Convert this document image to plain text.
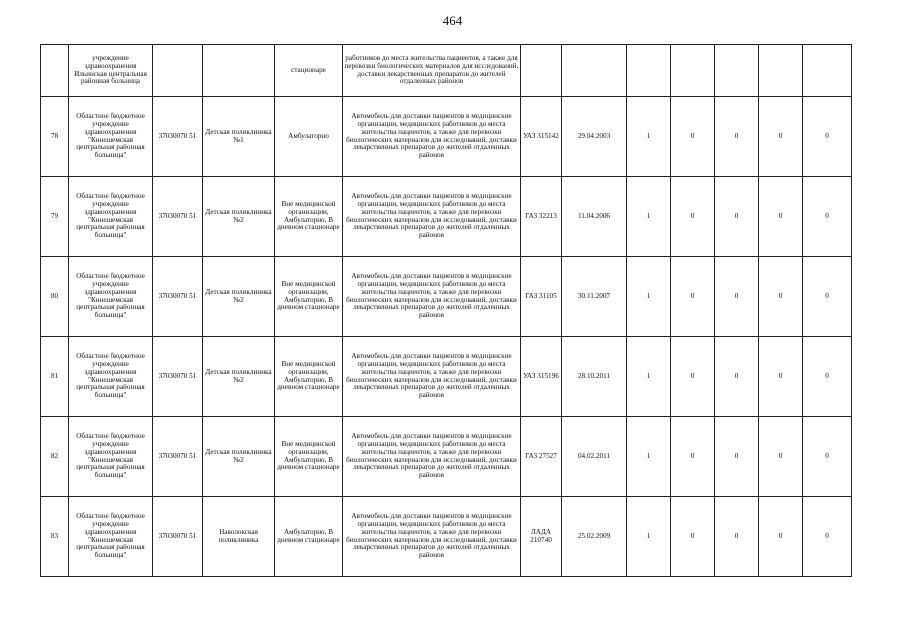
464
	учреждение здравоохранения Ильинская центральная районная больница			стационаре	работников до места жительства пациентов, а также для перевозки биологических материалов для исследований, доставки лекарственных препаратов до жителей отдаленных районов							
78	Областное бюджетное учреждение здравоохранения "Кинешемская центральная районная больница"	37030070 51	Детская поликлиника №1	Амбулаторно	Автомобиль для доставки пациентов в медицинские организации, медицинских работников до места жительства пациентов, а также для перевозки биологических материалов для исследований, доставки лекарственных препаратов до жителей отдаленных районов	УАЗ 315142	29.04.2003	1	0	0	0	0
79	Областное бюджетное учреждение здравоохранения "Кинешемская центральная районная больница"	37030070 51	Детская поликлиника №2	Вне медицинской организации, Амбулаторно, В дневном стационаре	Автомобиль для доставки пациентов в медицинские организации, медицинских работников до места жительства пациентов, а также для перевозки биологических материалов для исследований, доставки лекарственных препаратов до жителей отдаленных районов	ГАЗ 32213	11.04.2006	1	0	0	0	0
80	Областное бюджетное учреждение здравоохранения "Кинешемская центральная районная больница"	37030070 51	Детская поликлиника №2	Вне медицинской организации, Амбулаторно, В дневном стационаре	Автомобиль для доставки пациентов в медицинские организации, медицинских работников до места жительства пациентов, а также для перевозки биологических материалов для исследований, доставки лекарственных препаратов до жителей отдаленных районов	ГАЗ 31105	30.11.2007	1	0	0	0	0
81	Областное бюджетное учреждение здравоохранения "Кинешемская центральная районная больница"	37030070 51	Детская поликлиника №2	Вне медицинской организации, Амбулаторно, В дневном стационаре	Автомобиль для доставки пациентов в медицинские организации, медицинских работников до места жительства пациентов, а также для перевозки биологических материалов для исследований, доставки лекарственных препаратов до жителей отдаленных районов	УАЗ 315196	28.10.2011	1	0	0	0	0
82	Областное бюджетное учреждение здравоохранения "Кинешемская центральная районная больница"	37030070 51	Детская поликлиника №2	Вне медицинской организации, Амбулаторно, В дневном стационаре	Автомобиль для доставки пациентов в медицинские организации, медицинских работников до места жительства пациентов, а также для перевозки биологических материалов для исследований, доставки лекарственных препаратов до жителей отдаленных районов	ГАЗ 27527	04.02.2011	1	0	0	0	0
83	Областное бюджетное учреждение здравоохранения "Кинешемская центральная районная больница"	37030070 51	Наволокская поликлиника	Амбулаторно, В дневном стационаре	Автомобиль для доставки пациентов в медицинские организации, медицинских работников до места жительства пациентов, а также для перевозки биологических материалов для исследований, доставки лекарственных препаратов до жителей отдаленных районов	ЛАДА 210740	25.02.2009	1	0	0	0	0
